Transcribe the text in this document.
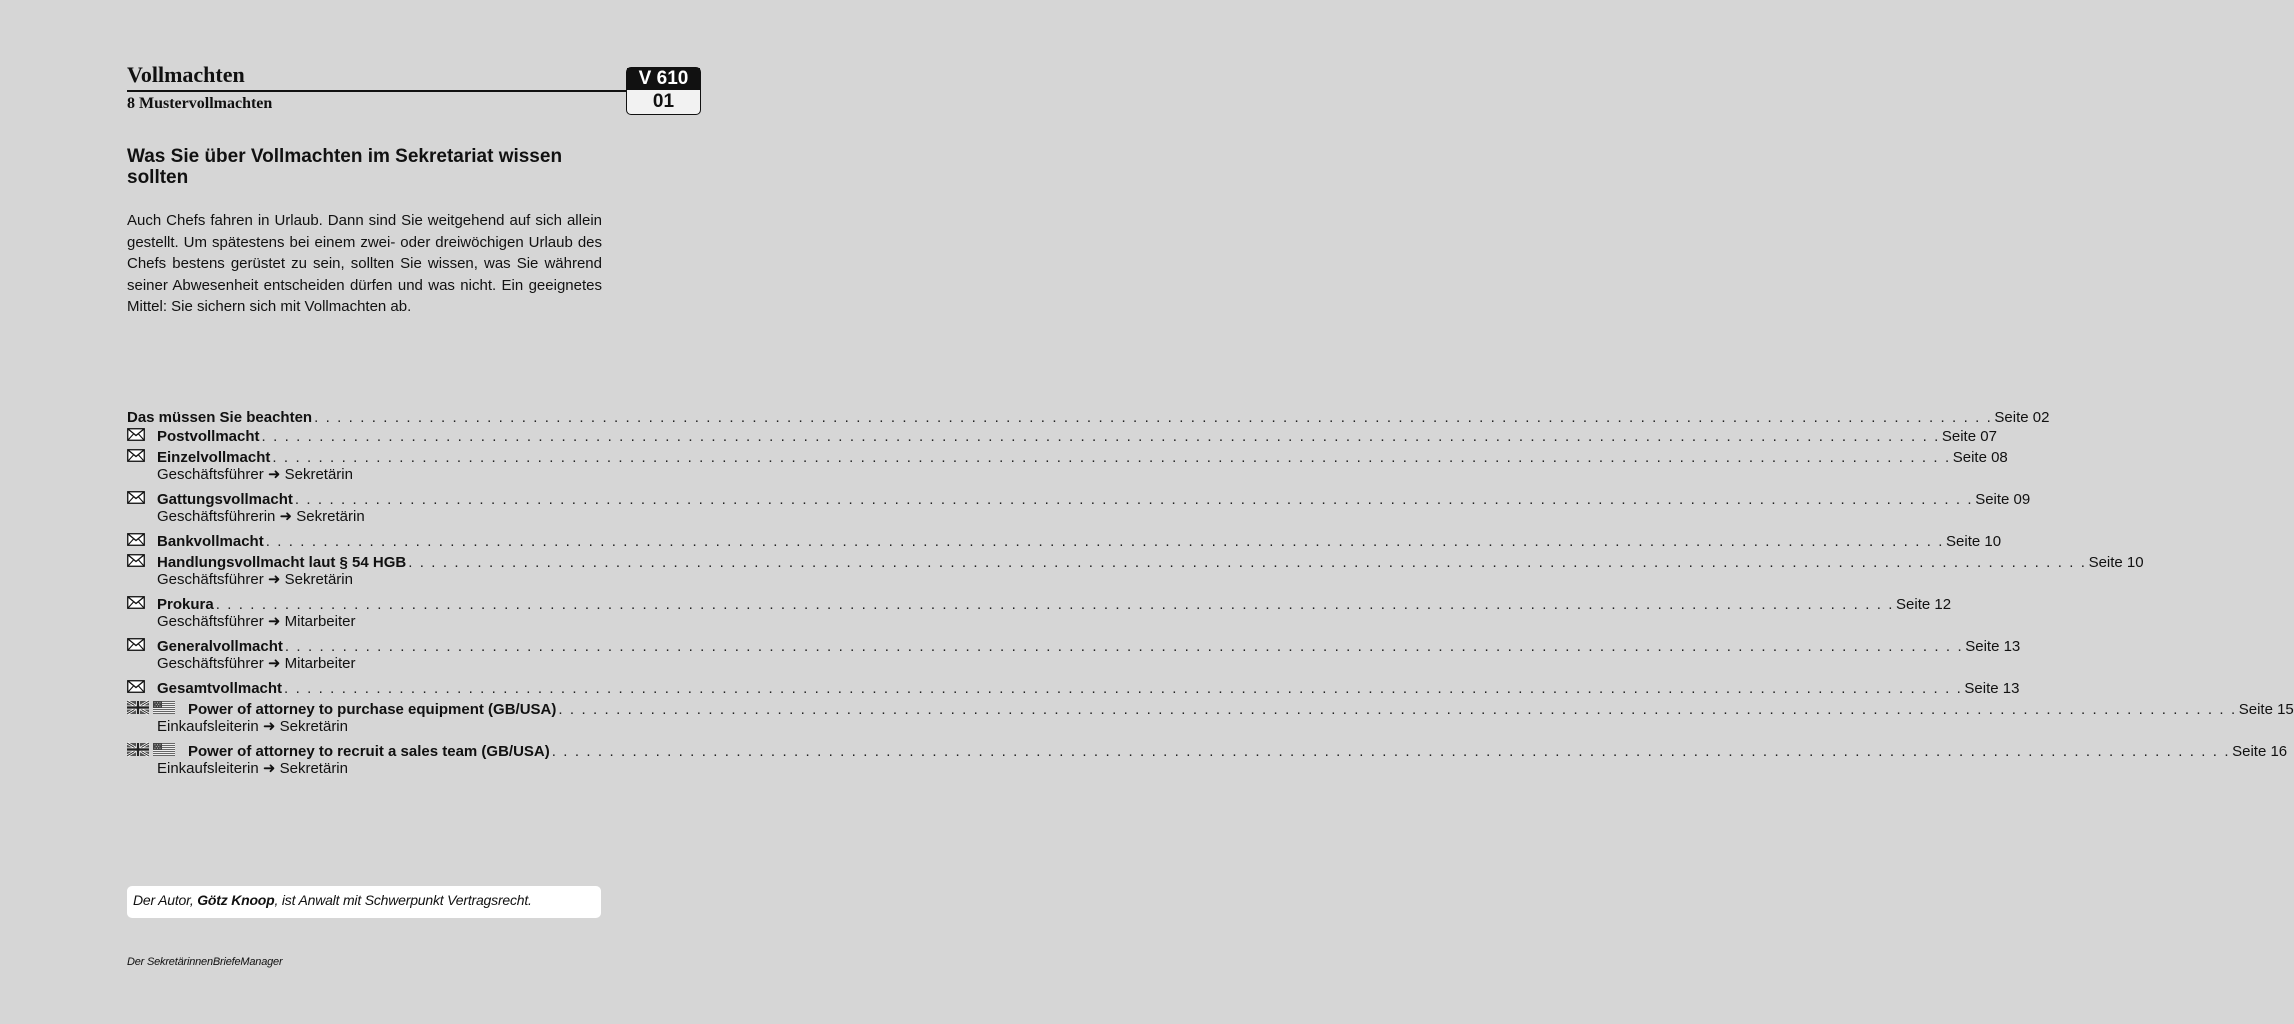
Vollmachten
8 Mustervollmachten
V 610
01
Was Sie über Vollmachten im Sekretariat wissen sollten

Auch Chefs fahren in Urlaub. Dann sind Sie weitgehend auf sich allein gestellt. Um spätestens bei einem zwei- oder dreiwöchigen Urlaub des Chefs bestens gerüstet zu sein, sollten Sie wissen, was Sie während seiner Abwesenheit entscheiden dürfen und was nicht. Ein geeignetes Mittel: Sie sichern sich mit Vollmachten ab.

Das müssen Sie beachten . . . . . . . . . . . . . . . . . . . . . . . . . . . . . . . . . . . . . . . . . . . . . . . . . . . . . . . . . . . . . . . . . . . . . . . . . . . . . . . . . . . . . . . . . . . . . . . . . . . . . . . . . . . . . . . . . . . . . . . . . . . . . . . . . . . . . . . . . . . . . . . . . . Seite 02
Postvollmacht . . . . . . . . . . . . . . . . . . . . . . . . . . . . . . . . . . . . . . . . . . . . . . . . . . . . . . . . . . . . . . . . . . . . . . . . . . . . . . . . . . . . . . . . . . . . . . . . . . . . . . . . . . . . . . . . . . . . . . . . . . . . . . . . . . . . . . . . . . . . . . . . . . Seite 07
Einzelvollmacht . . . . . . . . . . . . . . . . . . . . . . . . . . . . . . . . . . . . . . . . . . . . . . . . . . . . . . . . . . . . . . . . . . . . . . . . . . . . . . . . . . . . . . . . . . . . . . . . . . . . . . . . . . . . . . . . . . . . . . . . . . . . . . . . . . . . . . . . . . . . . . . . . . Seite 08
Geschäftsführer ➜ Sekretärin
Gattungsvollmacht . . . . . . . . . . . . . . . . . . . . . . . . . . . . . . . . . . . . . . . . . . . . . . . . . . . . . . . . . . . . . . . . . . . . . . . . . . . . . . . . . . . . . . . . . . . . . . . . . . . . . . . . . . . . . . . . . . . . . . . . . . . . . . . . . . . . . . . . . . . . . . . . . . Seite 09
Geschäftsführerin ➜ Sekretärin
Bankvollmacht . . . . . . . . . . . . . . . . . . . . . . . . . . . . . . . . . . . . . . . . . . . . . . . . . . . . . . . . . . . . . . . . . . . . . . . . . . . . . . . . . . . . . . . . . . . . . . . . . . . . . . . . . . . . . . . . . . . . . . . . . . . . . . . . . . . . . . . . . . . . . . . . . . Seite 10
Handlungsvollmacht laut § 54 HGB . . . . . . . . . . . . . . . . . . . . . . . . . . . . . . . . . . . . . . . . . . . . . . . . . . . . . . . . . . . . . . . . . . . . . . . . . . . . . . . . . . . . . . . . . . . . . . . . . . . . . . . . . . . . . . . . . . . . . . . . . . . . . . . . . . . . . . . . . . . . . . . . . . Seite 10
Geschäftsführer ➜ Sekretärin
Prokura . . . . . . . . . . . . . . . . . . . . . . . . . . . . . . . . . . . . . . . . . . . . . . . . . . . . . . . . . . . . . . . . . . . . . . . . . . . . . . . . . . . . . . . . . . . . . . . . . . . . . . . . . . . . . . . . . . . . . . . . . . . . . . . . . . . . . . . . . . . . . . . . . . Seite 12
Geschäftsführer ➜ Mitarbeiter
Generalvollmacht . . . . . . . . . . . . . . . . . . . . . . . . . . . . . . . . . . . . . . . . . . . . . . . . . . . . . . . . . . . . . . . . . . . . . . . . . . . . . . . . . . . . . . . . . . . . . . . . . . . . . . . . . . . . . . . . . . . . . . . . . . . . . . . . . . . . . . . . . . . . . . . . . . Seite 13
Geschäftsführer ➜ Mitarbeiter
Gesamtvollmacht . . . . . . . . . . . . . . . . . . . . . . . . . . . . . . . . . . . . . . . . . . . . . . . . . . . . . . . . . . . . . . . . . . . . . . . . . . . . . . . . . . . . . . . . . . . . . . . . . . . . . . . . . . . . . . . . . . . . . . . . . . . . . . . . . . . . . . . . . . . . . . . . . . Seite 13
Power of attorney to purchase equipment (GB/USA) . . . . . . . . . . . . . . . . . . . . . . . . . . . . . . . . . . . . . . . . . . . . . . . . . . . . . . . . . . . . . . . . . . . . . . . . . . . . . . . . . . . . . . . . . . . . . . . . . . . . . . . . . . . . . . . . . . . . . . . . . . . . . . . . . . . . . . . . . . . . . . . . . . Seite 15
Einkaufsleiterin ➜ Sekretärin
Power of attorney to recruit a sales team (GB/USA) . . . . . . . . . . . . . . . . . . . . . . . . . . . . . . . . . . . . . . . . . . . . . . . . . . . . . . . . . . . . . . . . . . . . . . . . . . . . . . . . . . . . . . . . . . . . . . . . . . . . . . . . . . . . . . . . . . . . . . . . . . . . . . . . . . . . . . . . . . . . . . . . . . Seite 16
Einkaufsleiterin ➜ Sekretärin
Der Autor, Götz Knoop, ist Anwalt mit Schwerpunkt Vertragsrecht.
Der SekretärinnenBriefeManager
